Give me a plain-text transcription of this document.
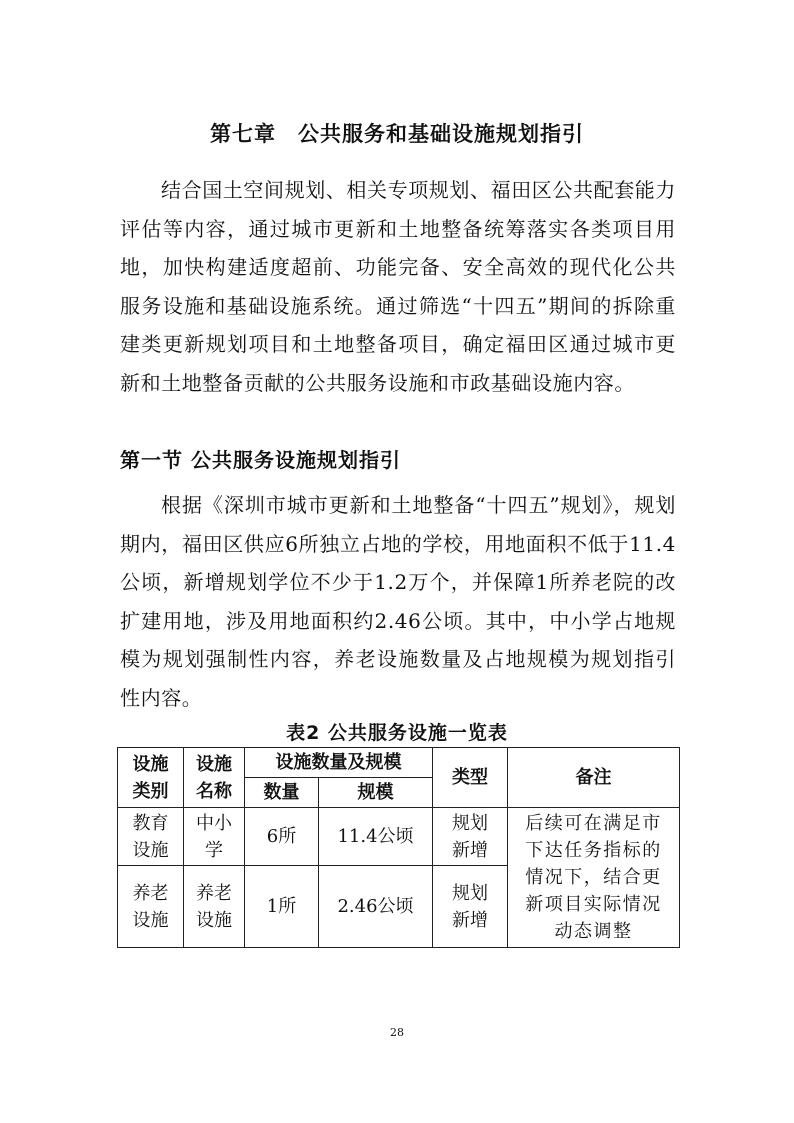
第七章　公共服务和基础设施规划指引

结合国土空间规划、相关专项规划、福田区公共配套能力评估等内容，通过城市更新和土地整备统筹落实各类项目用地，加快构建适度超前、功能完备、安全高效的现代化公共服务设施和基础设施系统。通过筛选“十四五”期间的拆除重建类更新规划项目和土地整备项目，确定福田区通过城市更新和土地整备贡献的公共服务设施和市政基础设施内容。

第一节 公共服务设施规划指引

根据《深圳市城市更新和土地整备“十四五”规划》，规划期内，福田区供应6所独立占地的学校，用地面积不低于11.4公顷，新增规划学位不少于1.2万个，并保障1所养老院的改扩建用地，涉及用地面积约2.46公顷。其中，中小学占地规模为规划强制性内容，养老设施数量及占地规模为规划指引性内容。

表2 公共服务设施一览表
设施类别	设施名称	设施数量及规模		类型	备注
		数量	规模		
教育设施	中小学	6所	11.4公顷	规划新增	后续可在满足市下达任务指标的情况下，结合更新项目实际情况动态调整
养老设施	养老设施	1所	2.46公顷	规划新增	
28
